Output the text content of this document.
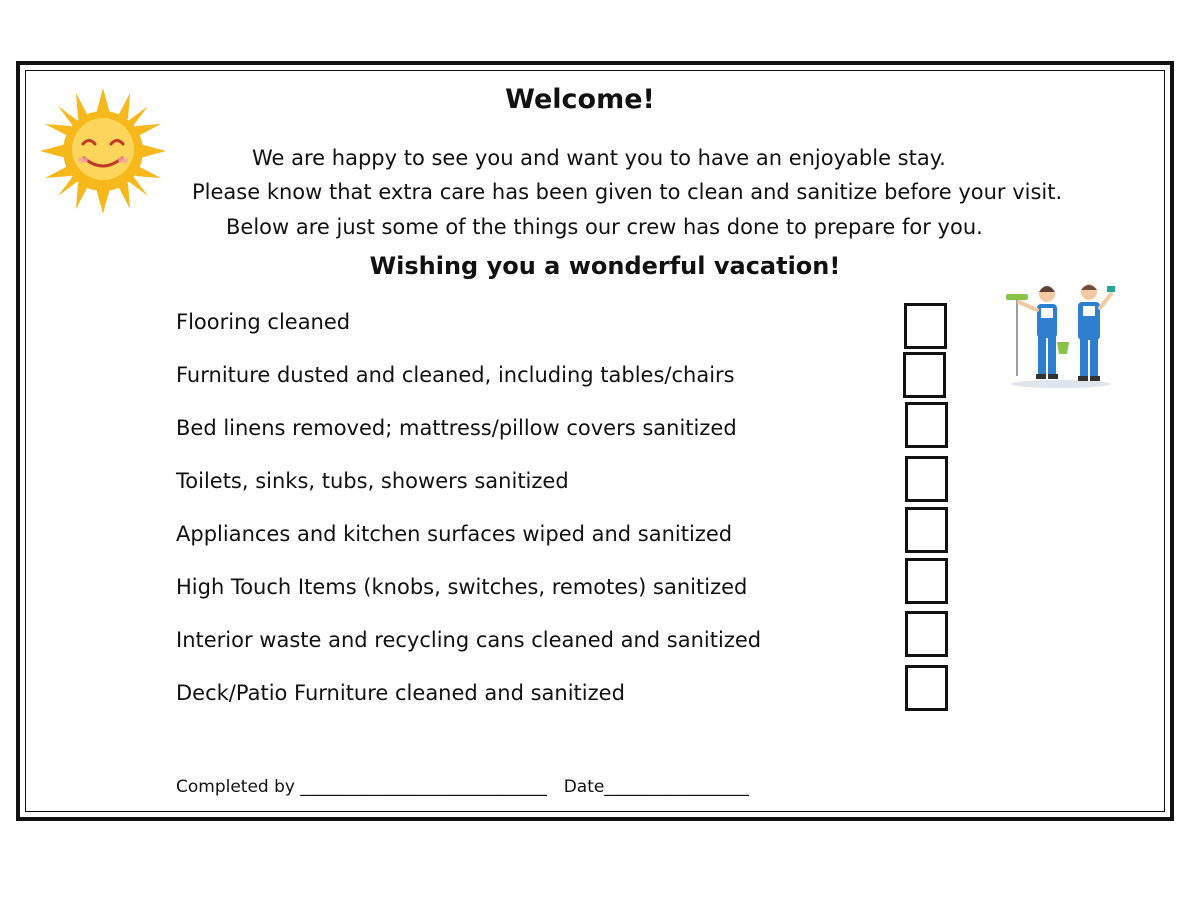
Welcome!
We are happy to see you and want you to have an enjoyable stay.
Please know that extra care has been given to clean and sanitize before your visit.
Below are just some of the things our crew has done to prepare for you.
Wishing you a wonderful vacation!
Flooring cleaned
Furniture dusted and cleaned, including tables/chairs
Bed linens removed; mattress/pillow covers sanitized
Toilets, sinks, tubs, showers sanitized
Appliances and kitchen surfaces wiped and sanitized
High Touch Items (knobs, switches, remotes) sanitized
Interior waste and recycling cans cleaned and sanitized
Deck/Patio Furniture cleaned and sanitized
Completed by _____________________________ Date_________________
